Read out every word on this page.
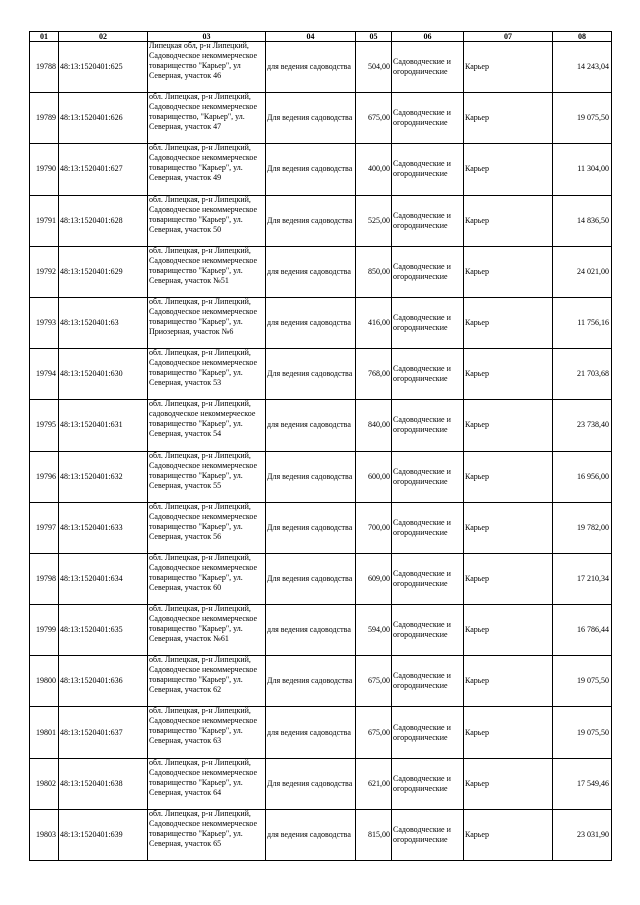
01	02	03	04	05	06	07	08
19788	48:13:1520401:625	Липецкая обл, р-н Липецкий, Садоводческое некоммерческое товарищество "Карьер", ул Северная, участок 46	для ведения садоводства	504,00	Садоводческие и огороднические	Карьер	14 243,04
19789	48:13:1520401:626	обл. Липецкая, р-н Липецкий, Садоводческое некоммерческое товарищество, "Карьер", ул. Северная, участок 47	Для ведения садоводства	675,00	Садоводческие и огороднические	Карьер	19 075,50
19790	48:13:1520401:627	обл. Липецкая, р-н Липецкий, Садоводческое некоммерческое товарищество "Карьер", ул. Северная, участок 49	Для ведения садоводства	400,00	Садоводческие и огороднические	Карьер	11 304,00
19791	48:13:1520401:628	обл. Липецкая, р-н Липецкий, Садоводческое некоммерческое товарищество "Карьер", ул. Северная, участок 50	Для ведения садоводства	525,00	Садоводческие и огороднические	Карьер	14 836,50
19792	48:13:1520401:629	обл. Липецкая, р-н Липецкий, Садоводческое некоммерческое товарищество "Карьер", ул. Северная, участок №51	для ведения садоводства	850,00	Садоводческие и огороднические	Карьер	24 021,00
19793	48:13:1520401:63	обл. Липецкая, р-н Липецкий, Садоводческое некоммерческое товарищество "Карьер", ул. Приозерная, участок №6	для ведения садоводства	416,00	Садоводческие и огороднические	Карьер	11 756,16
19794	48:13:1520401:630	обл. Липецкая, р-н Липецкий, Садоводческое некоммерческое товарищество "Карьер", ул. Северная, участок 53	Для ведения садоводства	768,00	Садоводческие и огороднические	Карьер	21 703,68
19795	48:13:1520401:631	обл. Липецкая, р-н Липецкий, садоводческое некоммерческое товарищество "Карьер", ул. Северная, участок 54	для ведения садоводства	840,00	Садоводческие и огороднические	Карьер	23 738,40
19796	48:13:1520401:632	обл. Липецкая, р-н Липецкий, Садоводческое некоммерческое товарищество "Карьер", ул. Северная, участок 55	Для ведения садоводства	600,00	Садоводческие и огороднические	Карьер	16 956,00
19797	48:13:1520401:633	обл. Липецкая, р-н Липецкий, Садоводческое некоммерческое товарищество "Карьер", ул. Северная, участок 56	Для ведения садоводства	700,00	Садоводческие и огороднические	Карьер	19 782,00
19798	48:13:1520401:634	обл. Липецкая, р-н Липецкий, Садоводческое некоммерческое товарищество "Карьер", ул. Северная, участок 60	Для ведения садоводства	609,00	Садоводческие и огороднические	Карьер	17 210,34
19799	48:13:1520401:635	обл. Липецкая, р-н Липецкий, Садоводческое некоммерческое товарищество "Карьер", ул. Северная, участок №61	для ведения садоводства	594,00	Садоводческие и огороднические	Карьер	16 786,44
19800	48:13:1520401:636	обл. Липецкая, р-н Липецкий, Садоводческое некоммерческое товарищество "Карьер", ул. Северная, участок 62	Для ведения садоводства	675,00	Садоводческие и огороднические	Карьер	19 075,50
19801	48:13:1520401:637	обл. Липецкая, р-н Липецкий, Садоводческое некоммерческое товарищество "Карьер", ул. Северная, участок 63	для ведения садоводства	675,00	Садоводческие и огороднические	Карьер	19 075,50
19802	48:13:1520401:638	обл. Липецкая, р-н Липецкий, Садоводческое некоммерческое товарищество "Карьер", ул. Северная, участок 64	Для ведения садоводства	621,00	Садоводческие и огороднические	Карьер	17 549,46
19803	48:13:1520401:639	обл. Липецкая, р-н Липецкий, Садоводческое некоммерческое товарищество "Карьер", ул. Северная, участок 65	для ведения садоводства	815,00	Садоводческие и огороднические	Карьер	23 031,90
